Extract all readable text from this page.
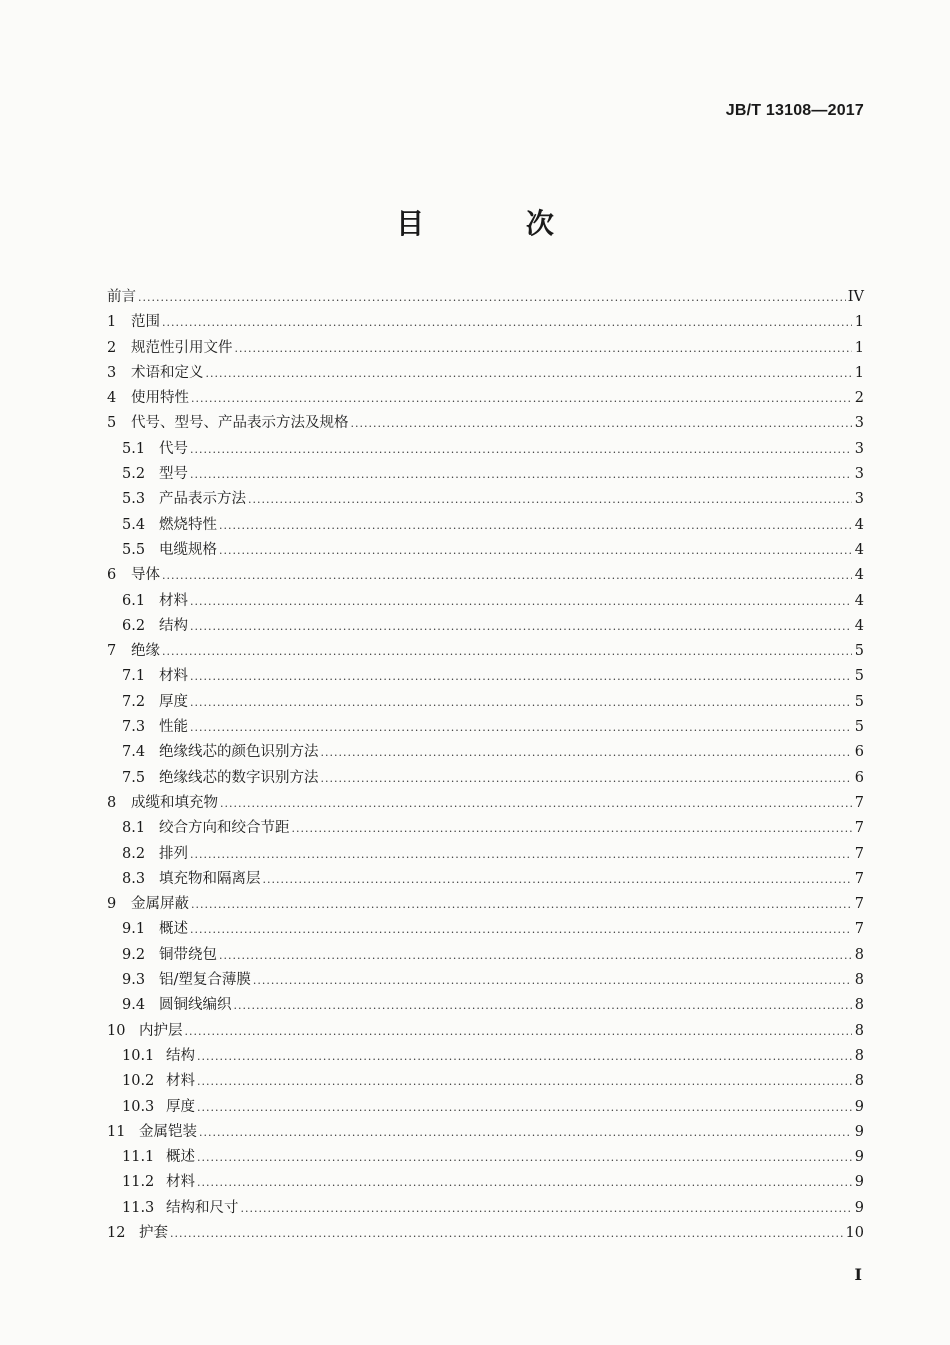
JB/T 13108—2017
目 次
前言 .....	IV
1	范围 .....	1
2	规范性引用文件 .....	1
3	术语和定义 .....	1
4	使用特性 .....	2
5	代号、型号、产品表示方法及规格 .....	3
5.1 代号 .....	3
5.2 型号 .....	3
5.3 产品表示方法 .....	3
5.4 燃烧特性 .....	4
5.5 电缆规格 .....	4
6	导体 .....	4
6.1 材料 .....	4
6.2 结构 .....	4
7	绝缘 .....	5
7.1 材料 .....	5
7.2 厚度 .....	5
7.3 性能 .....	5
7.4 绝缘线芯的颜色识别方法 .....	6
7.5 绝缘线芯的数字识别方法 .....	6
8	成缆和填充物 .....	7
8.1 绞合方向和绞合节距 .....	7
8.2 排列 .....	7
8.3 填充物和隔离层 .....	7
9	金属屏蔽 .....	7
9.1 概述 .....	7
9.2 铜带绕包 .....	8
9.3 铝/塑复合薄膜 .....	8
9.4 圆铜线编织 .....	8
10 内护层 .....	8
10.1 结构 .....	8
10.2 材料 .....	8
10.3 厚度 .....	9
11 金属铠装 .....	9
11.1 概述 .....	9
11.2 材料 .....	9
11.3 结构和尺寸 .....	9
12 护套 .....	10
I
